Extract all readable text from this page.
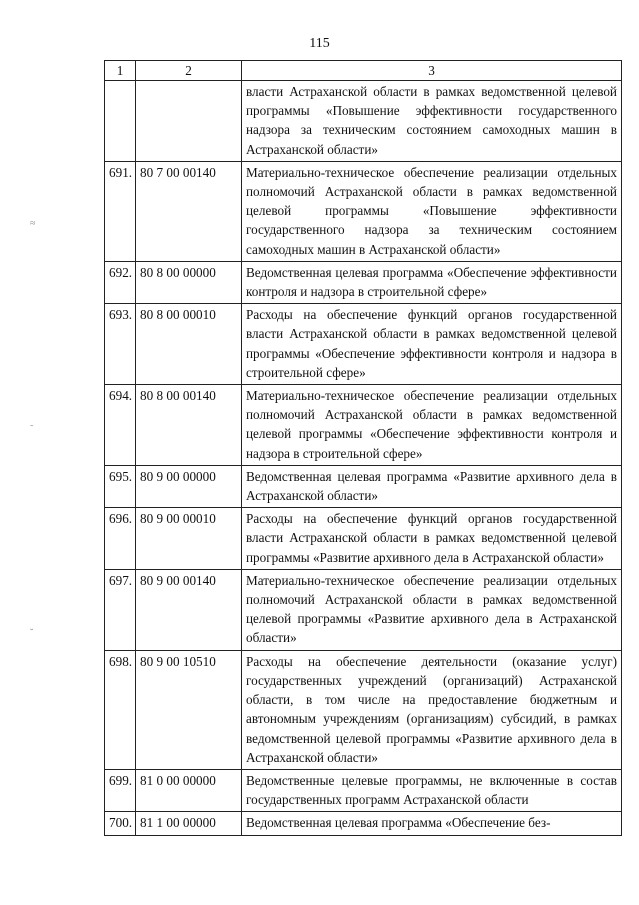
115
≈
˜
˘
1	2	3
		власти Астраханской области в рамках ведомственной целевой программы «Повышение эффективности государственного надзора за техническим состоянием самоходных машин в Астраханской области»
691.	80 7 00 00140	Материально-техническое обеспечение реализации отдельных полномочий Астраханской области в рамках ведомственной целевой программы «Повышение эффективности государственного надзора за техническим состоянием самоходных машин в Астраханской области»
692.	80 8 00 00000	Ведомственная целевая программа «Обеспечение эффективности контроля и надзора в строительной сфере»
693.	80 8 00 00010	Расходы на обеспечение функций органов государственной власти Астраханской области в рамках ведомственной целевой программы «Обеспечение эффективности контроля и надзора в строительной сфере»
694.	80 8 00 00140	Материально-техническое обеспечение реализации отдельных полномочий Астраханской области в рамках ведомственной целевой программы «Обеспечение эффективности контроля и надзора в строительной сфере»
695.	80 9 00 00000	Ведомственная целевая программа «Развитие архивного дела в Астраханской области»
696.	80 9 00 00010	Расходы на обеспечение функций органов государственной власти Астраханской области в рамках ведомственной целевой программы «Развитие архивного дела в Астраханской области»
697.	80 9 00 00140	Материально-техническое обеспечение реализации отдельных полномочий Астраханской области в рамках ведомственной целевой программы «Развитие архивного дела в Астраханской области»
698.	80 9 00 10510	Расходы на обеспечение деятельности (оказание услуг) государственных учреждений (организаций) Астраханской области, в том числе на предоставление бюджетным и автономным учреждениям (организациям) субсидий, в рамках ведомственной целевой программы «Развитие архивного дела в Астраханской области»
699.	81 0 00 00000	Ведомственные целевые программы, не включенные в состав государственных программ Астраханской области
700.	81 1 00 00000	Ведомственная целевая программа «Обеспечение без-
